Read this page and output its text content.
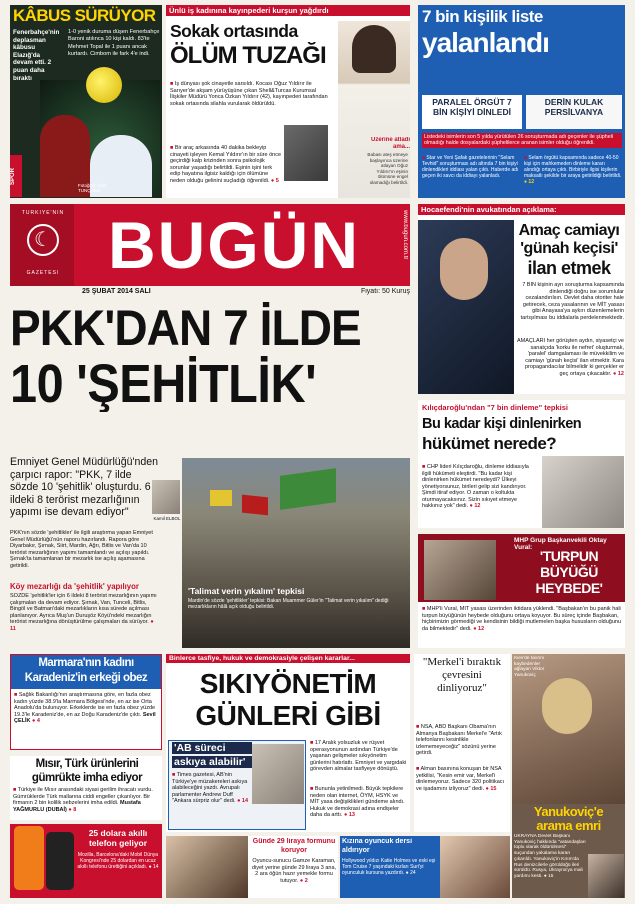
KÂBUS SÜRÜYOR
Fenerbahçe'nin deplasman kâbusu Elazığ'da devam etti. 2 puan daha bıraktı
1-0 yenik duruma düşen Fenerbahçe Baroni atılınca 10 kişi kaldı. 83'te Mehmet Topal ile 1 puanı ancak kurtardı. Cimbom ile fark 4'e indi.
SPOR
Fotoğraf: Ufuk TUNÇAELİ
Ünlü iş kadınına kayınpederi kurşun yağdırdı
Sokak ortasında
ÖLÜM TUZAĞI
■ İş dünyası şok cinayetle sarsıldı. Kocası Oğuz Yıldırır ile Sarıyer'de akşam yürüyüşüne çıkan Shell&Turcas Kurumsal İlişkiler Müdürü Yonca Özkan Yıldırır (42), kayınpederi tarafından sokak ortasında silahla vurularak öldürüldü.
■ Bir araç arkasında 40 dakika bekleyip cinayeti işleyen Kemal Yıldırır'ın bir süre önce geçirdiği kalp krizinden sonra psikolojik sorunlar yaşadığı belirtildi. Eşinin işini terk edip hayatına ilgisiz kaldığı için ölümüne neden olduğu gelinini suçladığı öğrenildi. ● 5
Üzerine atladı ama...
Babası ateş etmeye başlayınca üzerine atlayan Oğuz Yıldırır'ın eşinin ölümüne engel olamadığı belirtildi.
7 bin kişilik liste
yalanlandı
PARALEL ÖRGÜT 7 BİN KİŞİYİ DİNLEDİ
DERİN KULAK PERSİLVANYA
Listedeki isimlerin son 5 yılda yürütülen 26 soruşturmada adı geçenler ile şüpheli olmadığı halde dosyalardaki şüphelilerce aranan isimler olduğu öğrenildi.
■ Star ve Yeni Şafak gazetelerinin "Selam Tevhid" soruşturması adı altında 7 bin kişiyi dinlendikleri iddiası yalan çıktı. Haberde adı geçen iki savcı da iddiayı yalanladı.
■ Selam örgütü kapsamında sadece 40-50 kişi için mahkemeden dinleme kararı alındığı ortaya çıktı. Birbiriyle ilgisi kişilerin maksatlı şekilde bir araya getirildiği belirtildi. ● 12
TÜRKİYE'NİN
☾
GAZETESİ BUGÜN	www.bugun.com.tr
25 ŞUBAT 2014 SALI	Fiyatı: 50 Kuruş
PKK'DAN 7 İLDE
10 'ŞEHİTLİK'
Emniyet Genel Müdürlüğü'nden çarpıcı rapor: "PKK, 7 ilde sözde 10 'şehitlik' oluşturdu. 6 ildeki 8 terörist mezarlığının yapımı ise devam ediyor"
Kamil ELBOL
PKK'nın sözde 'şehitlikler' ile ilgili araştırma yapan Emniyet Genel Müdürlüğü'nün raporu hazırlandı. Rapora göre Diyarbakır, Şırnak, Siirt, Mardin, Ağrı, Bitlis ve Van'da 10 terörist mezarlığının yapımı tamamlandı ve açılışı yapıldı. Şırnak'ta tamamlanan bir mezarlık ise açılış aşamasına getirildi.
Köy mezarlığı da 'şehitlik' yapılıyor
SÖZDE 'şehitlik'ler için 6 ildeki 8 terörist mezarlığının yapımı çalışmaları da devam ediyor. Şırnak, Van, Tunceli, Bitlis, Bingöl ve Batman'daki mezarlıkların kısa sürede açılması planlanıyor. Ayrıca Muş'un Duruşöz Köyü'ndeki mezarlığın terörist mezarlığına dönüştürülme çalışmaları da sürüyor. ● 11
'Talimat verin yıkalım' tepkisi
Mardin'de sözde 'şehitlikler' tepkisi: Bakan Muammer Güler'in "Talimat verin yıkalım" dediği mezarlıkların hâlâ açık olduğu belirtildi.
Hocaefendi'nin avukatından açıklama:
Amaç camiayı
'günah keçisi'
ilan etmek
7 BİN kişinin ayrı soruşturma kapsamında dinlendiği doğru ise sorumlular cezalandırılsın. Devlet daha otoriter hale getirecek, ceza yasalarının ve MİT yasası gibi Anayasa'ya aykırı düzenlemelerin tartışılması bu iddialarla perdelenmektedir.
AMAÇLARI her görüşten aydın, siyasetçi ve sanatçıda 'korku ile nefret' oluşturmak, 'paralel' damgalaması ile müvekkilim ve camiayı 'günah keçisi' ilan etmektir. Kara propagandacılar bilmelidir ki gerçekler er geç ortaya çıkacaktır. ● 12
Kılıçdaroğlu'ndan "7 bin dinleme" tepkisi
Bu kadar kişi dinlenirken
hükümet nerede?
■ CHP lideri Kılıçdaroğlu, dinleme iddiasıyla ilgili hükümeti eleştirdi. "Bu kadar kişi dinlenirken hükümet neredeydi? Ülkeyi yönetiyorsunuz, birileri gelip sizi kandırıyor. Şimdi itiraf ediyor. O zaman o koltukta oturmayacaksınız. Sizin sıkıyet etmeye hakkınız yok" dedi. ● 12
MHP Grup Başkanvekili Oktay Vural:
'TURPUN
BÜYÜĞÜ
HEYBEDE'
■ MHP'li Vural, MİT yasası üzerinden iktidara yüklendi. "Başbakan'ın bu panik hali turpun büyüğünün heybede olduğunu ortaya koyuyor. Bu süreç içinde Başbakan, hiçbirimizin görmediği ve kendisinin bildiği mutlemelen başka hususların olduğunu da bilmektedir" dedi. ● 12
Marmara'nın kadını
Karadeniz'in erkeği obez
■ Sağlık Bakanlığı'nın araştırmasına göre, en fazla obez kadın yüzde 38.9'la Marmara Bölgesi'nde, en az ise Orta Anadolu'da bulunuyor. Erkeklerde ise en fazla obez yüzde 19.3'le Karadeniz'de, en az Doğu Karadeniz'de çıktı. Sevil ÇELİK ● 4
Mısır, Türk ürünlerini
gümrükte imha ediyor
■ Türkiye ile Mısır arasındaki siyasi gerilim ihracatı vurdu. Gümrüklerde Türk mallarına ciddi engeller çıkarılıyor. Bir firmanın 2 bin kolilik sebzelerini imha edildi. Mustafa YAĞMURLU (DUBAİ) ● 8
25 dolara akıllı telefon geliyor
Mozilla, Barcelona'daki Mobil Dünya Kongresi'nde 25 dolardan en ucuz akıllı telefonu ürettiğini açıkladı. ● 14
Binlerce tasfiye, hukuk ve demokrasiyle çelişen kararlar...
SIKIYÖNETİM
GÜNLERİ GİBİ
'AB süreci
askıya alabilir'
■ Times gazetesi, AB'nin Türkiye'ye müzakereleri askıya alabileceğini yazdı. Avrupalı parlamenter Andrew Duff "Ankara sürpriz olur" dedi. ● 14
■ 17 Aralık yolsuzluk ve rüşvet operasyonunun ardından Türkiye'de yaşanan gelişmeler sıkıyönetim günlerini hatırlattı. Emniyet ve yargıdaki görevden almalar tasfiyeye dönüştü.
■ Bununla yetinilmedi. Büyük tepkilere neden olan internet, ÖYM, HSYK ve MİT yasa değişiklikleri gündeme alındı. Hukuk ve demokrasi adına endişeler daha da arttı. ● 13
"Merkel'i bıraktık çevresini dinliyoruz"
■ NSA, ABD Başkanı Obama'nın Almanya Başbakanı Merkel'e "Artık telefonlarını kesinlikle izlememeyeceğiz" sözünü yerine getirdi.
■ Alman basınına konuşan bir NSA yetkilisi, "Kesin emir var, Merkel'i dinlemeyoruz. Sadece 320 politikacı ve işadamını izliyoruz" dedi. ● 15
Kiev'de tavrını kaybedenler ağlayan Viktor Yanukoviç
Yanukoviç'e
arama emri
UKRAYNA Devlet Başkanı Yanukoviç hakkında "vatandaşları toplu olarak öldürülmesi" suçundan yakalama kararı çıkarıldı. Yanukoviç'in Kırım'da Rus denizcilerle görüldüğü ileri sürüldü. Rusya, Ukrayna'ya mali yardımı kesti. ● 15
Günde 29 liraya formunu koruyor
Oyuncu-sunucu Gamze Karaman, diyet yerine günde 29 liraya 3 ana, 2 ara öğün hazır yemekle formu tutuyor. ● 2
Kızına oyuncuk dersi aldırıyor
Hollywood yıldızı Katie Holmes ve eski eşi Tom Cruise 7 yaşındaki kızları Suri'yi oyunculuk kursuna yazdırdı. ● 24
